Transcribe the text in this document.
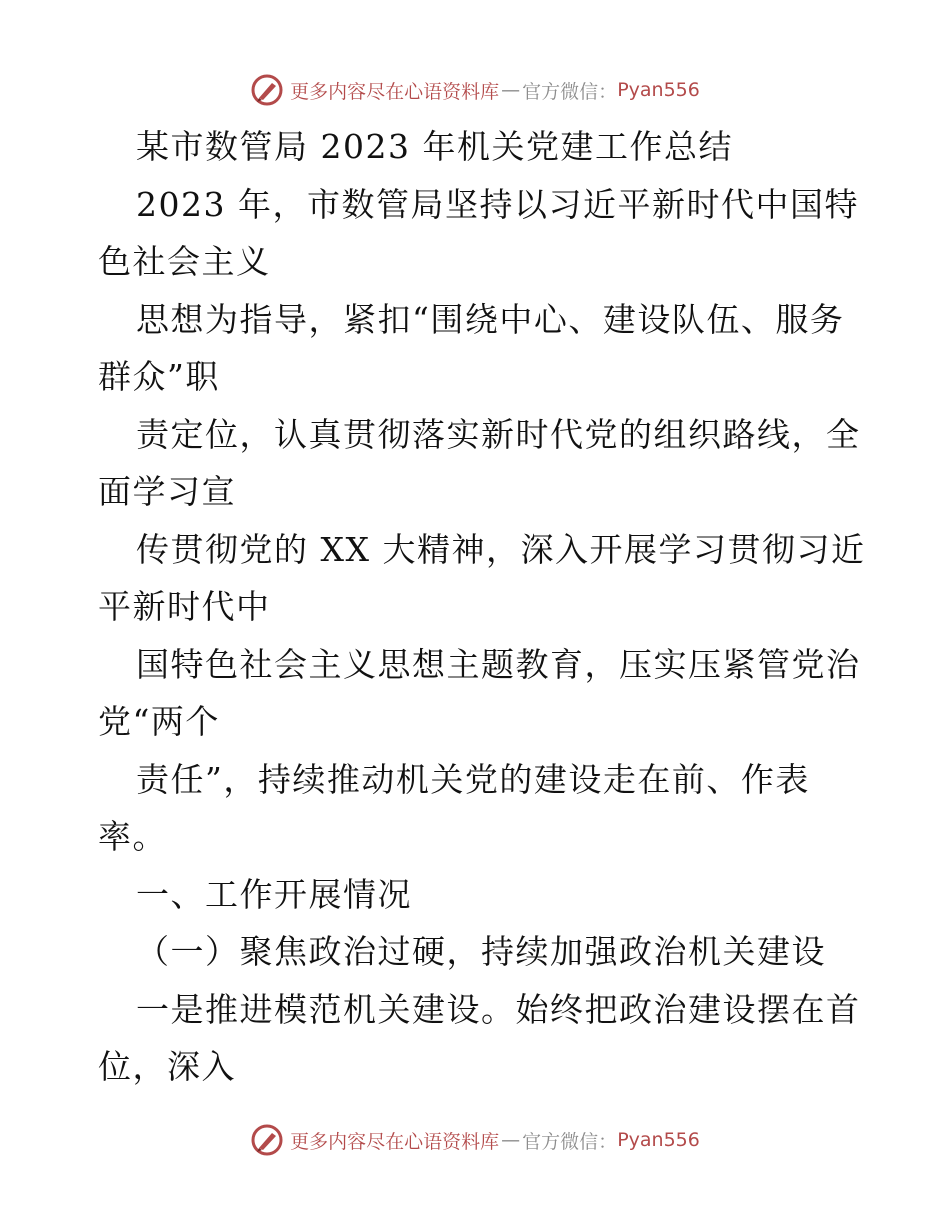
更多内容尽在心语资料库 — 官方微信： Pyan556
某市数管局 2023 年机关党建工作总结
2023 年，市数管局坚持以习近平新时代中国特
色社会主义
思想为指导，紧扣“围绕中心、建设队伍、服务
群众”职
责定位，认真贯彻落实新时代党的组织路线，全
面学习宣
传贯彻党的 XX 大精神，深入开展学习贯彻习近
平新时代中
国特色社会主义思想主题教育，压实压紧管党治
党“两个
责任”，持续推动机关党的建设走在前、作表
率。
一、工作开展情况
（一）聚焦政治过硬，持续加强政治机关建设
一是推进模范机关建设。始终把政治建设摆在首
位，深入
更多内容尽在心语资料库 — 官方微信： Pyan556
